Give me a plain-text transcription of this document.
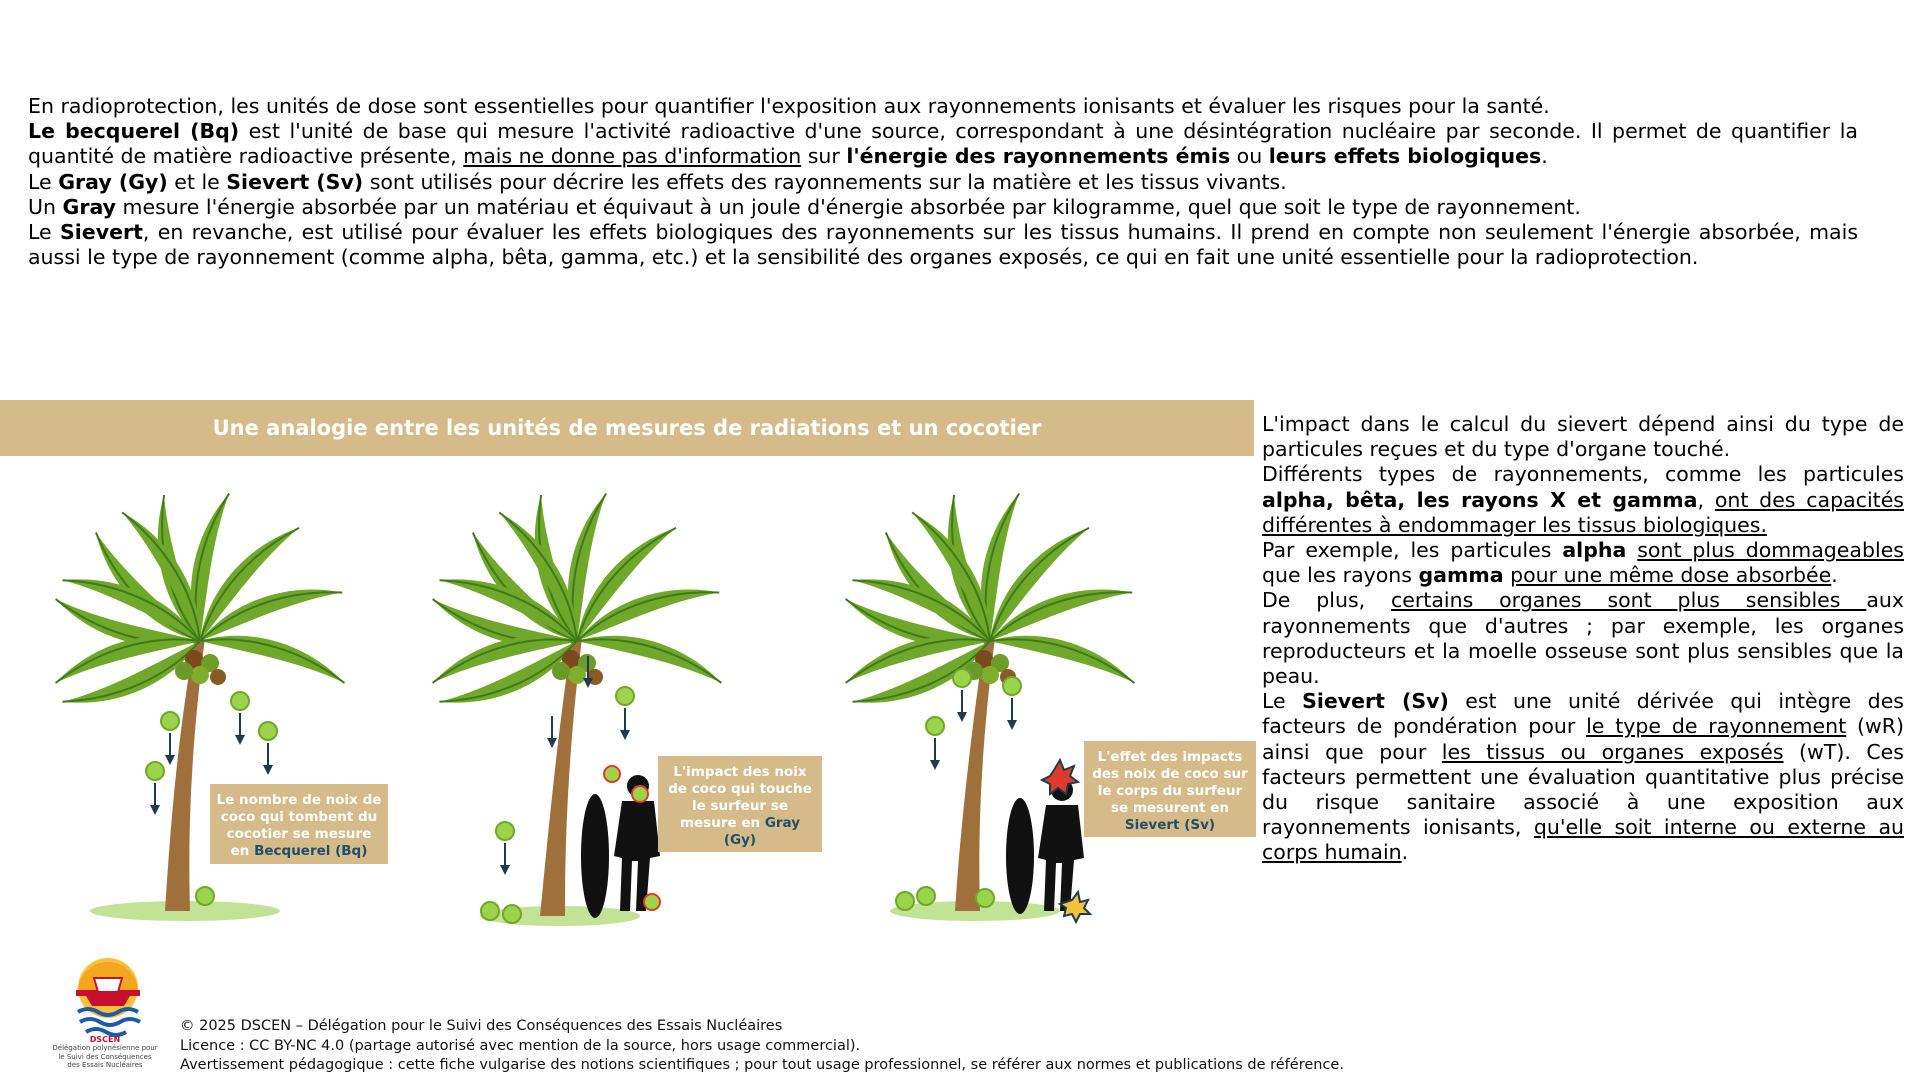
En radioprotection, les unités de dose sont essentielles pour quantifier l'exposition aux rayonnements ionisants et évaluer les risques pour la santé.

Le becquerel (Bq) est l'unité de base qui mesure l'activité radioactive d'une source, correspondant à une désintégration nucléaire par seconde. Il permet de quantifier la quantité de matière radioactive présente, mais ne donne pas d'information sur l'énergie des rayonnements émis ou leurs effets biologiques.

Le Gray (Gy) et le Sievert (Sv) sont utilisés pour décrire les effets des rayonnements sur la matière et les tissus vivants.

Un Gray mesure l'énergie absorbée par un matériau et équivaut à un joule d'énergie absorbée par kilogramme, quel que soit le type de rayonnement.

Le Sievert, en revanche, est utilisé pour évaluer les effets biologiques des rayonnements sur les tissus humains. Il prend en compte non seulement l'énergie absorbée, mais aussi le type de rayonnement (comme alpha, bêta, gamma, etc.) et la sensibilité des organes exposés, ce qui en fait une unité essentielle pour la radioprotection.

Une analogie entre les unités de mesures de radiations et un cocotier
Le nombre de noix de coco qui tombent du cocotier se mesure en Becquerel (Bq)
L'impact des noix de coco qui touche le surfeur se mesure en Gray (Gy)
L'effet des impacts des noix de coco sur le corps du surfeur se mesurent en Sievert (Sv)

L'impact dans le calcul du sievert dépend ainsi du type de particules reçues et du type d'organe touché.

Différents types de rayonnements, comme les particules alpha, bêta, les rayons X et gamma, ont des capacités différentes à endommager les tissus biologiques.

Par exemple, les particules alpha sont plus dommageables que les rayons gamma pour une même dose absorbée.

De plus, certains organes sont plus sensibles aux rayonnements que d'autres ; par exemple, les organes reproducteurs et la moelle osseuse sont plus sensibles que la peau.

Le Sievert (Sv) est une unité dérivée qui intègre des facteurs de pondération pour le type de rayonnement (wR) ainsi que pour les tissus ou organes exposés (wT). Ces facteurs permettent une évaluation quantitative plus précise du risque sanitaire associé à une exposition aux rayonnements ionisants, qu'elle soit interne ou externe au corps humain.

DSCEN
Délégation polynésienne pour
le Suivi des Conséquences
des Essais Nucléaires
© 2025 DSCEN – Délégation pour le Suivi des Conséquences des Essais Nucléaires
Licence : CC BY-NC 4.0 (partage autorisé avec mention de la source, hors usage commercial).
Avertissement pédagogique : cette fiche vulgarise des notions scientifiques ; pour tout usage professionnel, se référer aux normes et publications de référence.
